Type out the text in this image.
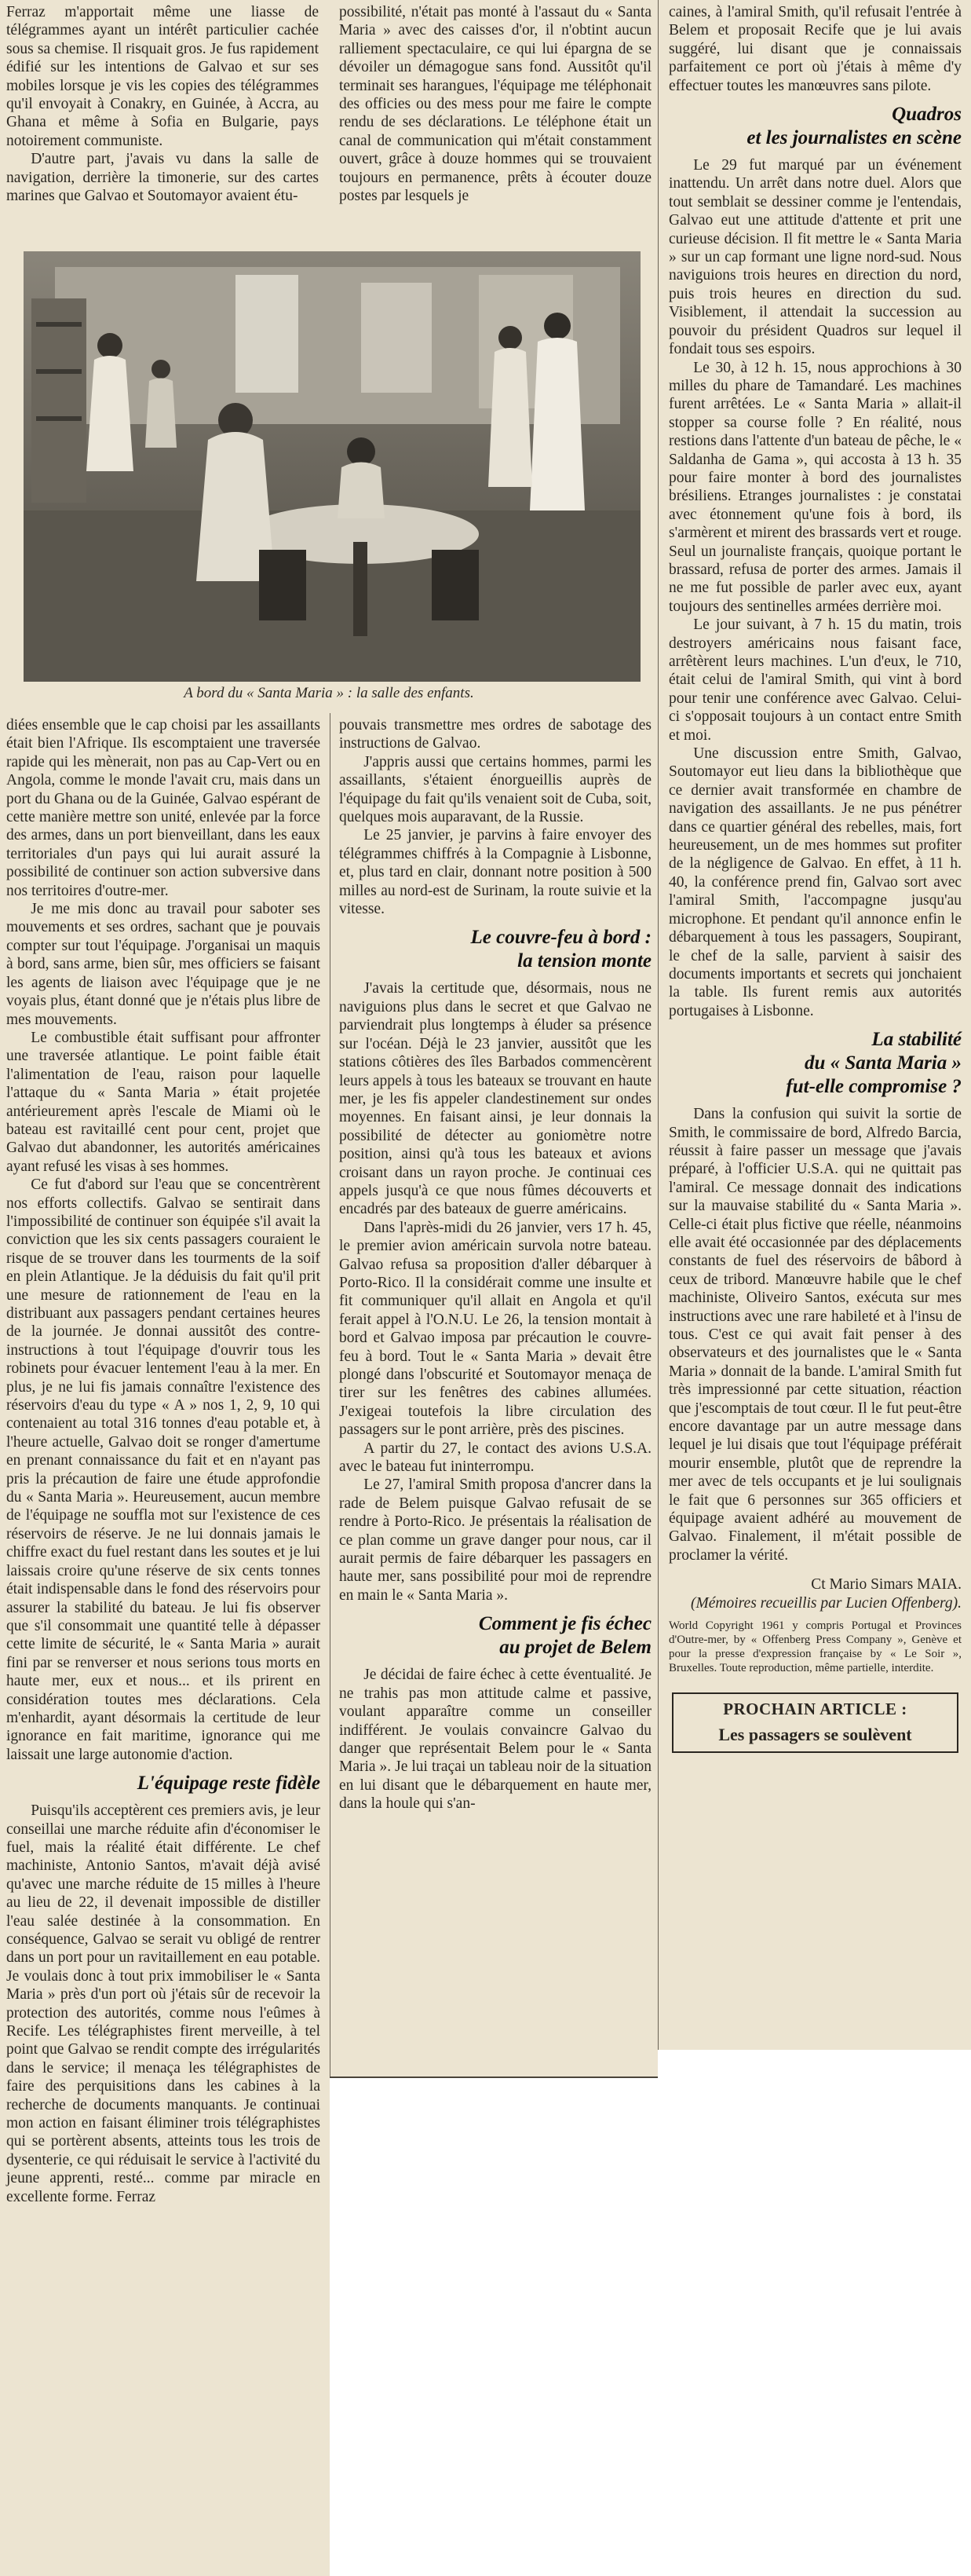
Ferraz m'apportait même une liasse de télégrammes ayant un intérêt particulier cachée sous sa chemise. Il risquait gros. Je fus rapidement édifié sur les intentions de Galvao et sur ses mobiles lorsque je vis les copies des télégrammes qu'il envoyait à Conakry, en Guinée, à Accra, au Ghana et même à Sofia en Bulgarie, pays notoirement communiste.

D'autre part, j'avais vu dans la salle de navigation, derrière la timonerie, sur des cartes marines que Galvao et Soutomayor avaient étu-

possibilité, n'était pas monté à l'assaut du « Santa Maria » avec des caisses d'or, il n'obtint aucun ralliement spectaculaire, ce qui lui épargna de se dévoiler un démagogue sans fond. Aussitôt qu'il terminait ses harangues, l'équipage me téléphonait des officies ou des mess pour me faire le compte rendu de ses déclarations. Le téléphone était un canal de communication qui m'était constamment ouvert, grâce à douze hommes qui se trouvaient toujours en permanence, prêts à écouter douze postes par lesquels je

A bord du « Santa Maria » : la salle des enfants.

diées ensemble que le cap choisi par les assaillants était bien l'Afrique. Ils escomptaient une traversée rapide qui les mènerait, non pas au Cap-Vert ou en Angola, comme le monde l'avait cru, mais dans un port du Ghana ou de la Guinée, Galvao espérant de cette manière mettre son unité, enlevée par la force des armes, dans un port bienveillant, dans les eaux territoriales d'un pays qui lui aurait assuré la possibilité de continuer son action subversive dans nos territoires d'outre-mer.

Je me mis donc au travail pour saboter ses mouvements et ses ordres, sachant que je pouvais compter sur tout l'équipage. J'organisai un maquis à bord, sans arme, bien sûr, mes officiers se faisant les agents de liaison avec l'équipage que je ne voyais plus, étant donné que je n'étais plus libre de mes mouvements.

Le combustible était suffisant pour affronter une traversée atlantique. Le point faible était l'alimentation de l'eau, raison pour laquelle l'attaque du « Santa Maria » était projetée antérieurement après l'escale de Miami où le bateau est ravitaillé cent pour cent, projet que Galvao dut abandonner, les autorités américaines ayant refusé les visas à ses hommes.

Ce fut d'abord sur l'eau que se concentrèrent nos efforts collectifs. Galvao se sentirait dans l'impossibilité de continuer son équipée s'il avait la conviction que les six cents passagers couraient le risque de se trouver dans les tourments de la soif en plein Atlantique. Je la déduisis du fait qu'il prit une mesure de rationnement de l'eau en la distribuant aux passagers pendant certaines heures de la journée. Je donnai aussitôt des contre-instructions à tout l'équipage d'ouvrir tous les robinets pour évacuer lentement l'eau à la mer. En plus, je ne lui fis jamais connaître l'existence des réservoirs d'eau du type « A » nos 1, 2, 9, 10 qui contenaient au total 316 tonnes d'eau potable et, à l'heure actuelle, Galvao doit se ronger d'amertume en prenant connaissance du fait et en n'ayant pas pris la précaution de faire une étude approfondie du « Santa Maria ». Heureusement, aucun membre de l'équipage ne souffla mot sur l'existence de ces réservoirs de réserve. Je ne lui donnais jamais le chiffre exact du fuel restant dans les soutes et je lui laissais croire qu'une réserve de six cents tonnes était indispensable dans le fond des réservoirs pour assurer la stabilité du bateau. Je lui fis observer que s'il consommait une quantité telle à dépasser cette limite de sécurité, le « Santa Maria » aurait fini par se renverser et nous serions tous morts en haute mer, eux et nous... et ils prirent en considération toutes mes déclarations. Cela m'enhardit, ayant désormais la certitude de leur ignorance en fait maritime, ignorance qui me laissait une large autonomie d'action.

L'équipage reste fidèle

Puisqu'ils acceptèrent ces premiers avis, je leur conseillai une marche réduite afin d'économiser le fuel, mais la réalité était différente. Le chef machiniste, Antonio Santos, m'avait déjà avisé qu'avec une marche réduite de 15 milles à l'heure au lieu de 22, il devenait impossible de distiller l'eau salée destinée à la consommation. En conséquence, Galvao se serait vu obligé de rentrer dans un port pour un ravitaillement en eau potable. Je voulais donc à tout prix immobiliser le « Santa Maria » près d'un port où j'étais sûr de recevoir la protection des autorités, comme nous l'eûmes à Recife. Les télégraphistes firent merveille, à tel point que Galvao se rendit compte des irrégularités dans le service; il menaça les télégraphistes de faire des perquisitions dans les cabines à la recherche de documents manquants. Je continuai mon action en faisant éliminer trois télégraphistes qui se portèrent absents, atteints tous les trois de dysenterie, ce qui réduisait le service à l'activité du jeune apprenti, resté... comme par miracle en excellente forme. Ferraz

pouvais transmettre mes ordres de sabotage des instructions de Galvao.

J'appris aussi que certains hommes, parmi les assaillants, s'étaient énorgueillis auprès de l'équipage du fait qu'ils venaient soit de Cuba, soit, quelques mois auparavant, de la Russie.

Le 25 janvier, je parvins à faire envoyer des télégrammes chiffrés à la Compagnie à Lisbonne, et, plus tard en clair, donnant notre position à 500 milles au nord-est de Surinam, la route suivie et la vitesse.

Le couvre-feu à bord :
la tension monte

J'avais la certitude que, désormais, nous ne naviguions plus dans le secret et que Galvao ne parviendrait plus longtemps à éluder sa présence sur l'océan. Déjà le 23 janvier, aussitôt que les stations côtières des îles Barbados commencèrent leurs appels à tous les bateaux se trouvant en haute mer, je les fis appeler clandestinement sur ondes moyennes. En faisant ainsi, je leur donnais la possibilité de détecter au goniomètre notre position, ainsi qu'à tous les bateaux et avions croisant dans un rayon proche. Je continuai ces appels jusqu'à ce que nous fûmes découverts et encadrés par des bateaux de guerre américains.

Dans l'après-midi du 26 janvier, vers 17 h. 45, le premier avion américain survola notre bateau. Galvao refusa sa proposition d'aller débarquer à Porto-Rico. Il la considérait comme une insulte et fit communiquer qu'il allait en Angola et qu'il ferait appel à l'O.N.U. Le 26, la tension montait à bord et Galvao imposa par précaution le couvre-feu à bord. Tout le « Santa Maria » devait être plongé dans l'obscurité et Soutomayor menaça de tirer sur les fenêtres des cabines allumées. J'exigeai toutefois la libre circulation des passagers sur le pont arrière, près des piscines.

A partir du 27, le contact des avions U.S.A. avec le bateau fut ininterrompu.

Le 27, l'amiral Smith proposa d'ancrer dans la rade de Belem puisque Galvao refusait de se rendre à Porto-Rico. Je présentais la réalisation de ce plan comme un grave danger pour nous, car il aurait permis de faire débarquer les passagers en haute mer, sans possibilité pour moi de reprendre en main le « Santa Maria ».

Comment je fis échec
au projet de Belem

Je décidai de faire échec à cette éventualité. Je ne trahis pas mon attitude calme et passive, voulant apparaître comme un conseiller indifférent. Je voulais convaincre Galvao du danger que représentait Belem pour le « Santa Maria ». Je lui traçai un tableau noir de la situation en lui disant que le débarquement en haute mer, dans la houle qui s'an-

caines, à l'amiral Smith, qu'il refusait l'entrée à Belem et proposait Recife que je lui avais suggéré, lui disant que je connaissais parfaitement ce port où j'étais à même d'y effectuer toutes les manœuvres sans pilote.

Quadros
et les journalistes en scène

Le 29 fut marqué par un événement inattendu. Un arrêt dans notre duel. Alors que tout semblait se dessiner comme je l'entendais, Galvao eut une attitude d'attente et prit une curieuse décision. Il fit mettre le « Santa Maria » sur un cap formant une ligne nord-sud. Nous naviguions trois heures en direction du nord, puis trois heures en direction du sud. Visiblement, il attendait la succession au pouvoir du président Quadros sur lequel il fondait tous ses espoirs.

Le 30, à 12 h. 15, nous approchions à 30 milles du phare de Tamandaré. Les machines furent arrêtées. Le « Santa Maria » allait-il stopper sa course folle ? En réalité, nous restions dans l'attente d'un bateau de pêche, le « Saldanha de Gama », qui accosta à 13 h. 35 pour faire monter à bord des journalistes brésiliens. Etranges journalistes : je constatai avec étonnement qu'une fois à bord, ils s'armèrent et mirent des brassards vert et rouge. Seul un journaliste français, quoique portant le brassard, refusa de porter des armes. Jamais il ne me fut possible de parler avec eux, ayant toujours des sentinelles armées derrière moi.

Le jour suivant, à 7 h. 15 du matin, trois destroyers américains nous faisant face, arrêtèrent leurs machines. L'un d'eux, le 710, était celui de l'amiral Smith, qui vint à bord pour tenir une conférence avec Galvao. Celui-ci s'opposait toujours à un contact entre Smith et moi.

Une discussion entre Smith, Galvao, Soutomayor eut lieu dans la bibliothèque que ce dernier avait transformée en chambre de navigation des assaillants. Je ne pus pénétrer dans ce quartier général des rebelles, mais, fort heureusement, un de mes hommes sut profiter de la négligence de Galvao. En effet, à 11 h. 40, la conférence prend fin, Galvao sort avec l'amiral Smith, l'accompagne jusqu'au microphone. Et pendant qu'il annonce enfin le débarquement à tous les passagers, Soupirant, le chef de la salle, parvient à saisir des documents importants et secrets qui jonchaient la table. Ils furent remis aux autorités portugaises à Lisbonne.

La stabilité
du « Santa Maria »
fut-elle compromise ?

Dans la confusion qui suivit la sortie de Smith, le commissaire de bord, Alfredo Barcia, réussit à faire passer un message que j'avais préparé, à l'officier U.S.A. qui ne quittait pas l'amiral. Ce message donnait des indications sur la mauvaise stabilité du « Santa Maria ». Celle-ci était plus fictive que réelle, néanmoins elle avait été occasionnée par des déplacements constants de fuel des réservoirs de bâbord à ceux de tribord. Manœuvre habile que le chef machiniste, Oliveiro Santos, exécuta sur mes instructions avec une rare habileté et à l'insu de tous. C'est ce qui avait fait penser à des observateurs et des journalistes que le « Santa Maria » donnait de la bande. L'amiral Smith fut très impressionné par cette situation, réaction que j'escomptais de tout cœur. Il le fut peut-être encore davantage par un autre message dans lequel je lui disais que tout l'équipage préférait mourir ensemble, plutôt que de reprendre la mer avec de tels occupants et je lui soulignais le fait que 6 personnes sur 365 officiers et équipage avaient adhéré au mouvement de Galvao. Finalement, il m'était possible de proclamer la vérité.

Ct Mario Simars MAIA.
(Mémoires recueillis par Lucien Offenberg).
World Copyright 1961 y compris Portugal et Provinces d'Outre-mer, by « Offenberg Press Company », Genève et pour la presse d'expression française by « Le Soir », Bruxelles. Toute reproduction, même partielle, interdite.
PROCHAIN ARTICLE :
Les passagers se soulèvent
